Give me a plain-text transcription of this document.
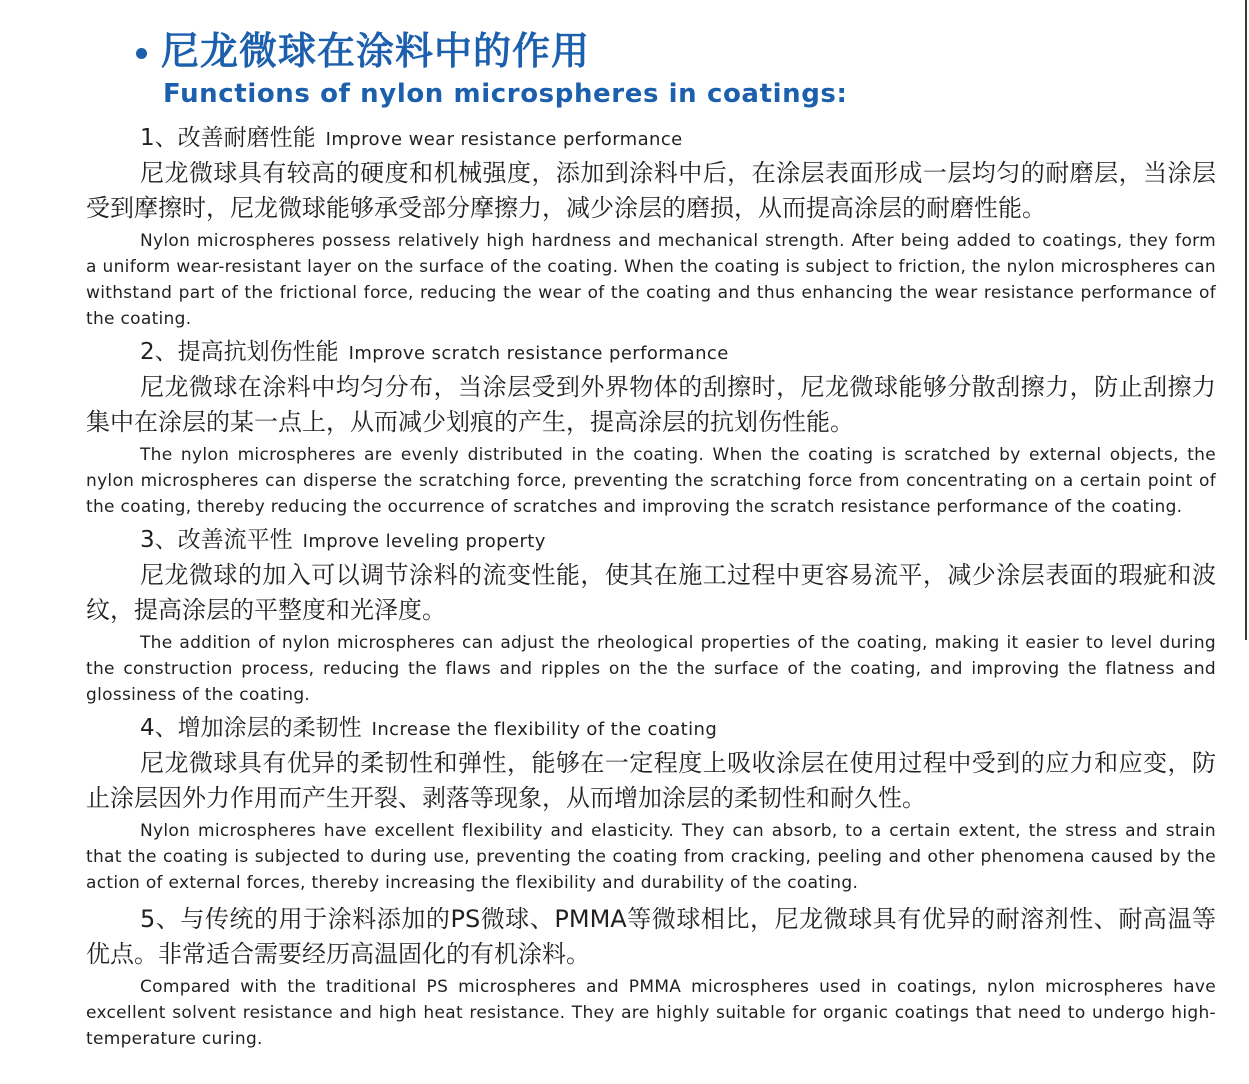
尼龙微球在涂料中的作用
Functions of nylon microspheres in coatings:
1、改善耐磨性能 Improve wear resistance performance

尼龙微球具有较高的硬度和机械强度，添加到涂料中后，在涂层表面形成一层均匀的耐磨层，当涂层受到摩擦时，尼龙微球能够承受部分摩擦力，减少涂层的磨损，从而提高涂层的耐磨性能。

Nylon microspheres possess relatively high hardness and mechanical strength. After being added to coatings, they form a uniform wear-resistant layer on the surface of the coating. When the coating is subject to friction, the nylon microspheres can withstand part of the frictional force, reducing the wear of the coating and thus enhancing the wear resistance performance of the coating.

2、提高抗划伤性能 Improve scratch resistance performance

尼龙微球在涂料中均匀分布，当涂层受到外界物体的刮擦时，尼龙微球能够分散刮擦力，防止刮擦力集中在涂层的某一点上，从而减少划痕的产生，提高涂层的抗划伤性能。

The nylon microspheres are evenly distributed in the coating. When the coating is scratched by external objects, the nylon microspheres can disperse the scratching force, preventing the scratching force from concentrating on a certain point of the coating, thereby reducing the occurrence of scratches and improving the scratch resistance performance of the coating.

3、改善流平性 Improve leveling property

尼龙微球的加入可以调节涂料的流变性能，使其在施工过程中更容易流平，减少涂层表面的瑕疵和波纹，提高涂层的平整度和光泽度。

The addition of nylon microspheres can adjust the rheological properties of the coating, making it easier to level during the construction process, reducing the flaws and ripples on the the surface of the coating, and improving the flatness and glossiness of the coating.

4、增加涂层的柔韧性 Increase the flexibility of the coating

尼龙微球具有优异的柔韧性和弹性，能够在一定程度上吸收涂层在使用过程中受到的应力和应变，防止涂层因外力作用而产生开裂、剥落等现象，从而增加涂层的柔韧性和耐久性。

Nylon microspheres have excellent flexibility and elasticity. They can absorb, to a certain extent, the stress and strain that the coating is subjected to during use, preventing the coating from cracking, peeling and other phenomena caused by the action of external forces, thereby increasing the flexibility and durability of the coating.

5、与传统的用于涂料添加的PS微球、PMMA等微球相比，尼龙微球具有优异的耐溶剂性、耐高温等优点。非常适合需要经历高温固化的有机涂料。

Compared with the traditional PS microspheres and PMMA microspheres used in coatings, nylon microspheres have excellent solvent resistance and high heat resistance. They are highly suitable for organic coatings that need to undergo high-temperature curing.
